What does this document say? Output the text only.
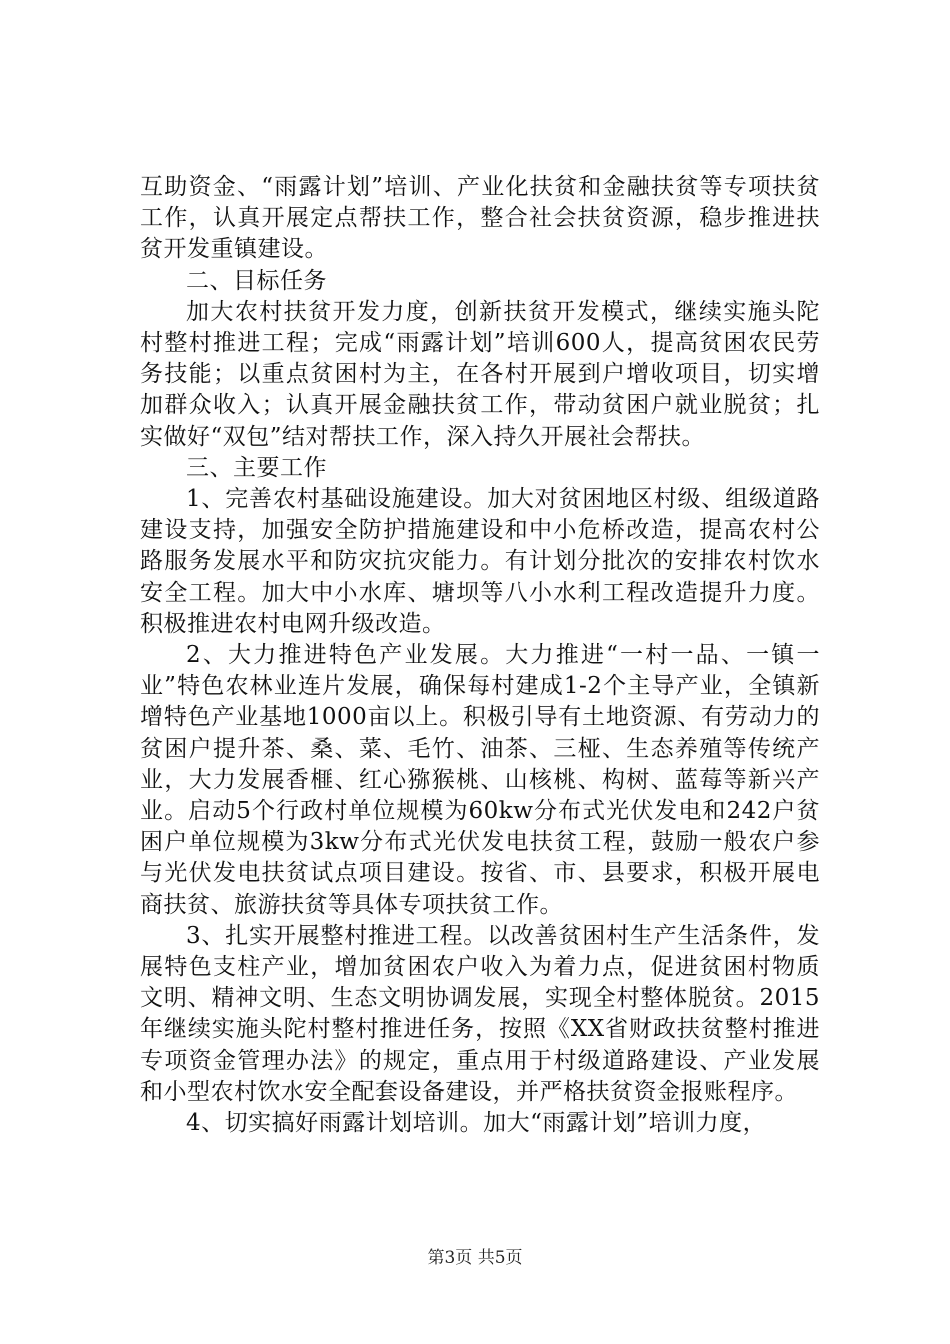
互助资金、“雨露计划”培训、产业化扶贫和金融扶贫等专项扶贫工作，认真开展定点帮扶工作，整合社会扶贫资源，稳步推进扶贫开发重镇建设。

二、目标任务

加大农村扶贫开发力度，创新扶贫开发模式，继续实施头陀村整村推进工程；完成“雨露计划”培训600人，提高贫困农民劳务技能；以重点贫困村为主，在各村开展到户增收项目，切实增加群众收入；认真开展金融扶贫工作，带动贫困户就业脱贫；扎实做好“双包”结对帮扶工作，深入持久开展社会帮扶。

三、主要工作

1、完善农村基础设施建设。加大对贫困地区村级、组级道路建设支持，加强安全防护措施建设和中小危桥改造，提高农村公路服务发展水平和防灾抗灾能力。有计划分批次的安排农村饮水安全工程。加大中小水库、塘坝等八小水利工程改造提升力度。积极推进农村电网升级改造。

2、大力推进特色产业发展。大力推进“一村一品、一镇一业”特色农林业连片发展，确保每村建成1-2个主导产业，全镇新增特色产业基地1000亩以上。积极引导有土地资源、有劳动力的贫困户提升茶、桑、菜、毛竹、油茶、三桠、生态养殖等传统产业，大力发展香榧、红心猕猴桃、山核桃、构树、蓝莓等新兴产业。启动5个行政村单位规模为60kw分布式光伏发电和242户贫困户单位规模为3kw分布式光伏发电扶贫工程，鼓励一般农户参与光伏发电扶贫试点项目建设。按省、市、县要求，积极开展电商扶贫、旅游扶贫等具体专项扶贫工作。

3、扎实开展整村推进工程。以改善贫困村生产生活条件，发展特色支柱产业，增加贫困农户收入为着力点，促进贫困村物质文明、精神文明、生态文明协调发展，实现全村整体脱贫。2015年继续实施头陀村整村推进任务，按照《XX省财政扶贫整村推进专项资金管理办法》的规定，重点用于村级道路建设、产业发展和小型农村饮水安全配套设备建设，并严格扶贫资金报账程序。

4、切实搞好雨露计划培训。加大“雨露计划”培训力度，

第3页 共5页
